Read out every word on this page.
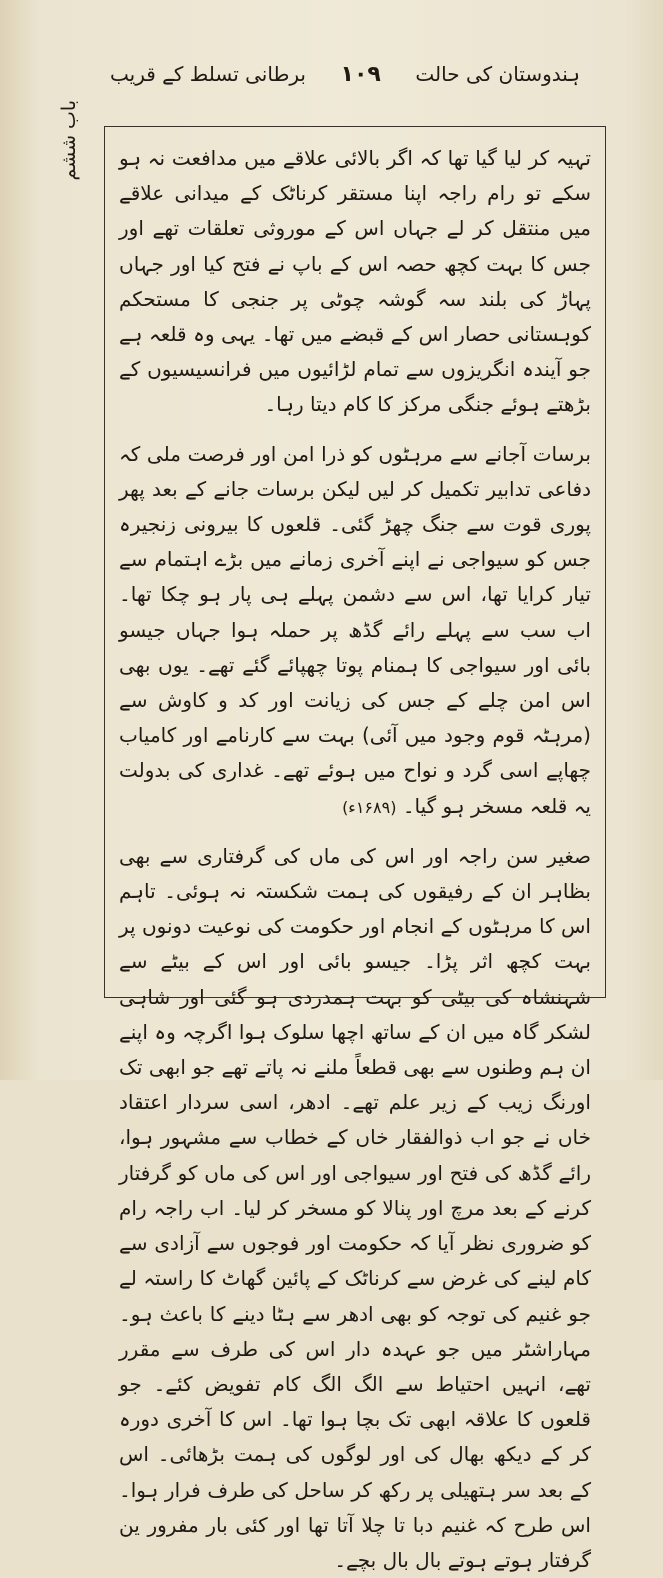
ہندوستان کی حالت
۱۰۹
برطانی تسلط کے قریب
باب ششم تہیہ کر لیا گیا تھا کہ اگر بالائی علاقے میں مدافعت نہ ہو سکے تو رام راجہ اپنا مستقر کرناٹک کے میدانی علاقے میں منتقل کر لے جہاں اس کے موروثی تعلقات تھے اور جس کا بہت کچھ حصہ اس کے باپ نے فتح کیا اور جہاں پہاڑ کی بلند سہ گوشہ چوٹی پر جنجی کا مستحکم کوہستانی حصار اس کے قبضے میں تھا۔ یہی وہ قلعہ ہے جو آیندہ انگریزوں سے تمام لڑائیوں میں فرانسیسیوں کے بڑھتے ہوئے جنگی مرکز کا کام دیتا رہا۔

برسات آجانے سے مرہٹوں کو ذرا امن اور فرصت ملی کہ دفاعی تدابیر تکمیل کر لیں لیکن برسات جانے کے بعد پھر پوری قوت سے جنگ چھڑ گئی۔ قلعوں کا بیرونی زنجیرہ جس کو سیواجی نے اپنے آخری زمانے میں بڑے اہتمام سے تیار کرایا تھا، اس سے دشمن پہلے ہی پار ہو چکا تھا۔ اب سب سے پہلے رائے گڈھ پر حملہ ہوا جہاں جیسو بائی اور سیواجی کا ہمنام پوتا چھپائے گئے تھے۔ یوں بھی اس امن چلے کے جس کی زیانت اور کد و کاوش سے (مرہٹہ قوم وجود میں آئی) بہت سے کارنامے اور کامیاب چھاپے اسی گرد و نواح میں ہوئے تھے۔ غداری کی بدولت یہ قلعہ مسخر ہو گیا۔ (۱۶۸۹ء)

صغیر سن راجہ اور اس کی ماں کی گرفتاری سے بھی بظاہر ان کے رفیقوں کی ہمت شکستہ نہ ہوئی۔ تاہم اس کا مرہٹوں کے انجام اور حکومت کی نوعیت دونوں پر بہت کچھ اثر پڑا۔ جیسو بائی اور اس کے بیٹے سے شہنشاہ کی بیٹی کو بہت ہمدردی ہو گئی اور شاہی لشکر گاہ میں ان کے ساتھ اچھا سلوک ہوا اگرچہ وہ اپنے ان ہم وطنوں سے بھی قطعاً ملنے نہ پاتے تھے جو ابھی تک اورنگ زیب کے زیر علم تھے۔ ادھر، اسی سردار اعتقاد خاں نے جو اب ذوالفقار خاں کے خطاب سے مشہور ہوا، رائے گڈھ کی فتح اور سیواجی اور اس کی ماں کو گرفتار کرنے کے بعد مرچ اور پنالا کو مسخر کر لیا۔ اب راجہ رام کو ضروری نظر آیا کہ حکومت اور فوجوں سے آزادی سے کام لینے کی غرض سے کرناٹک کے پائین گھاٹ کا راستہ لے جو غنیم کی توجہ کو بھی ادھر سے ہٹا دینے کا باعث ہو۔ مہاراشٹر میں جو عہدہ دار اس کی طرف سے مقرر تھے، انہیں احتیاط سے الگ الگ کام تفویض کئے۔ جو قلعوں کا علاقہ ابھی تک بچا ہوا تھا۔ اس کا آخری دورہ کر کے دیکھ بھال کی اور لوگوں کی ہمت بڑھائی۔ اس کے بعد سر ہتھیلی پر رکھ کر ساحل کی طرف فرار ہوا۔ اس طرح کہ غنیم دبا تا چلا آتا تھا اور کئی بار مفرور ین گرفتار ہوتے ہوتے بال بال بچے۔
